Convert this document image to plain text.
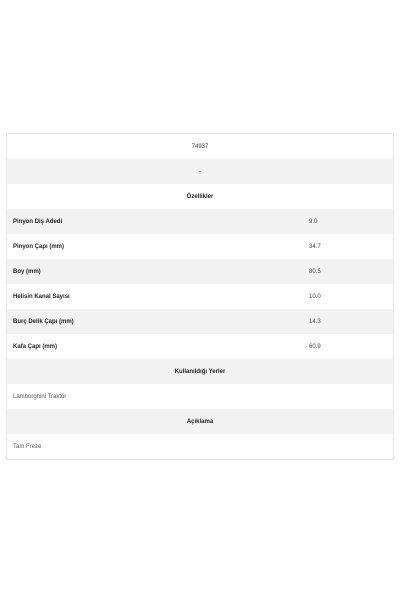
74937
-
Özellikler
Pinyon Diş Adedi	9.0
Pinyon Çapı (mm)	34.7
Boy (mm)	80.5
Helisin Kanal Sayısı	10.0
Burç Delik Çapı (mm)	14.3
Kafa Çapı (mm)	60.9
Kullanıldığı Yerler
Lamborghini Traktör
Açıklama
Tam Freze
